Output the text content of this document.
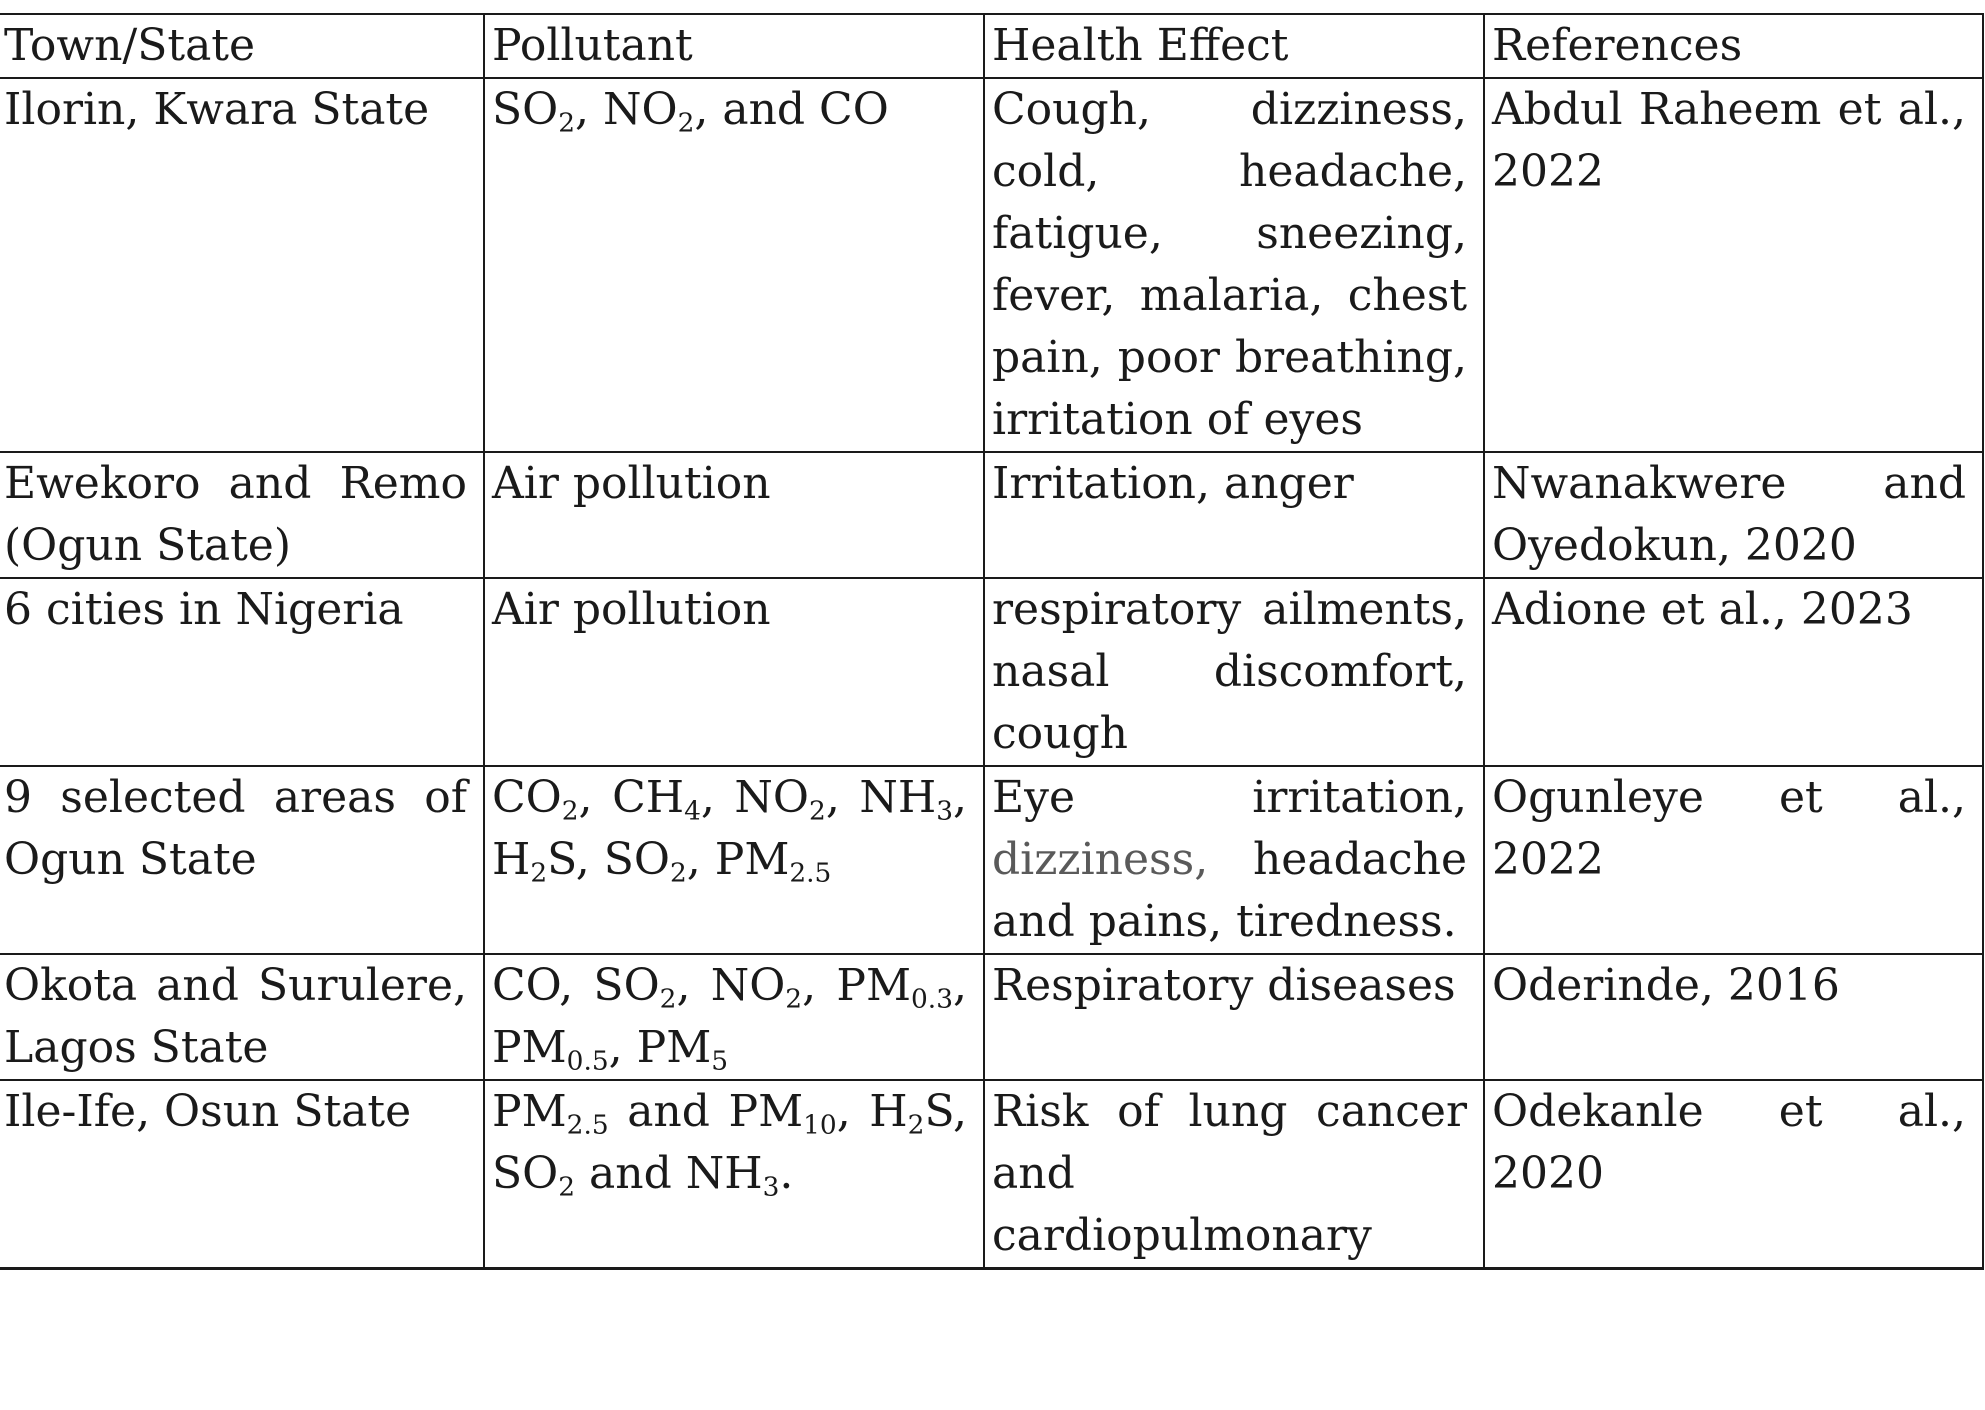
Town/State	Pollutant	Health Effect	References
Ilorin, Kwara State	$SO_2$, $NO_2$, and CO	Cough, dizziness, cold, headache, fatigue, sneezing, fever, malaria, chest pain, poor breathing, irritation of eyes	Abdul Raheem et al., 2022
Ewekoro and Remo (Ogun State)	Air pollution	Irritation, anger	Nwanakwere and Oyedokun, 2020
6 cities in Nigeria	Air pollution	respiratory ailments, nasal discomfort, cough	Adione et al., 2023
9 selected areas of Ogun State	$CO_2$, $CH_4$, $NO_2$, $NH_3$, $H_2S$, $SO_2$, $PM_{2.5}$	Eye irritation, dizziness, headache and pains, tiredness.	Ogunleye et al., 2022
Okota and Surulere, Lagos State	CO, $SO_2$, $NO_2$, $PM_{0.3}$, $PM_{0.5}$, $PM_5$	Respiratory diseases	Oderinde, 2016
Ile-Ife, Osun State	$PM_{2.5}$ and $PM_{10}$, $H_2S$, $SO_2$ and $NH_3$.	Risk of lung cancer and cardiopulmonary	Odekanle et al., 2020
